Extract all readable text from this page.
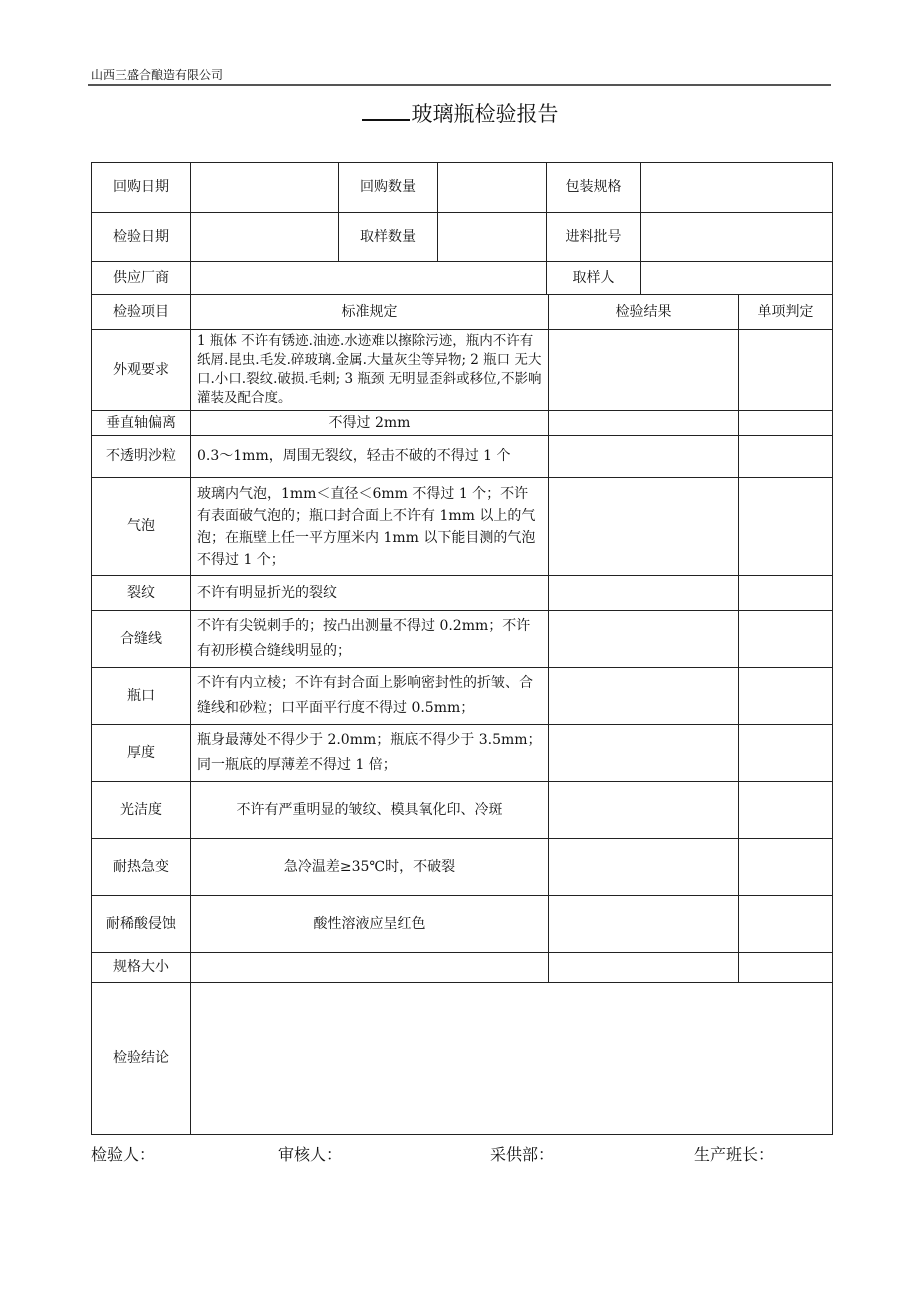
山西三盛合酿造有限公司
玻璃瓶检验报告
回购日期		回购数量		包装规格	
检验日期		取样数量		进料批号	
供应厂商				取样人	
检验项目	标准规定	检验结果	单项判定
外观要求	1 瓶体 不许有锈迹.油迹.水迹难以擦除污迹，瓶内不许有纸屑.昆虫.毛发.碎玻璃.金属.大量灰尘等异物; 2 瓶口 无大口.小口.裂纹.破损.毛刺; 3 瓶颈 无明显歪斜或移位,不影响灌装及配合度。		
垂直轴偏离	不得过 2mm		
不透明沙粒	0.3～1mm，周围无裂纹，轻击不破的不得过 1 个		
气泡	玻璃内气泡，1mm＜直径＜6mm 不得过 1 个；不许有表面破气泡的；瓶口封合面上不许有 1mm 以上的气泡；在瓶壁上任一平方厘米内 1mm 以下能目测的气泡不得过 1 个；		
裂纹	不许有明显折光的裂纹		
合缝线	不许有尖锐刺手的；按凸出测量不得过 0.2mm；不许有初形模合缝线明显的；		
瓶口	不许有内立棱；不许有封合面上影响密封性的折皱、合缝线和砂粒；口平面平行度不得过 0.5mm；		
厚度	瓶身最薄处不得少于 2.0mm；瓶底不得少于 3.5mm；同一瓶底的厚薄差不得过 1 倍；		
光洁度	不许有严重明显的皱纹、模具氧化印、冷斑		
耐热急变	急冷温差≥35℃时，不破裂		
耐稀酸侵蚀	酸性溶液应呈红色		
规格大小			
检验结论			
检验人：	审核人：	采供部：	生产班长：
